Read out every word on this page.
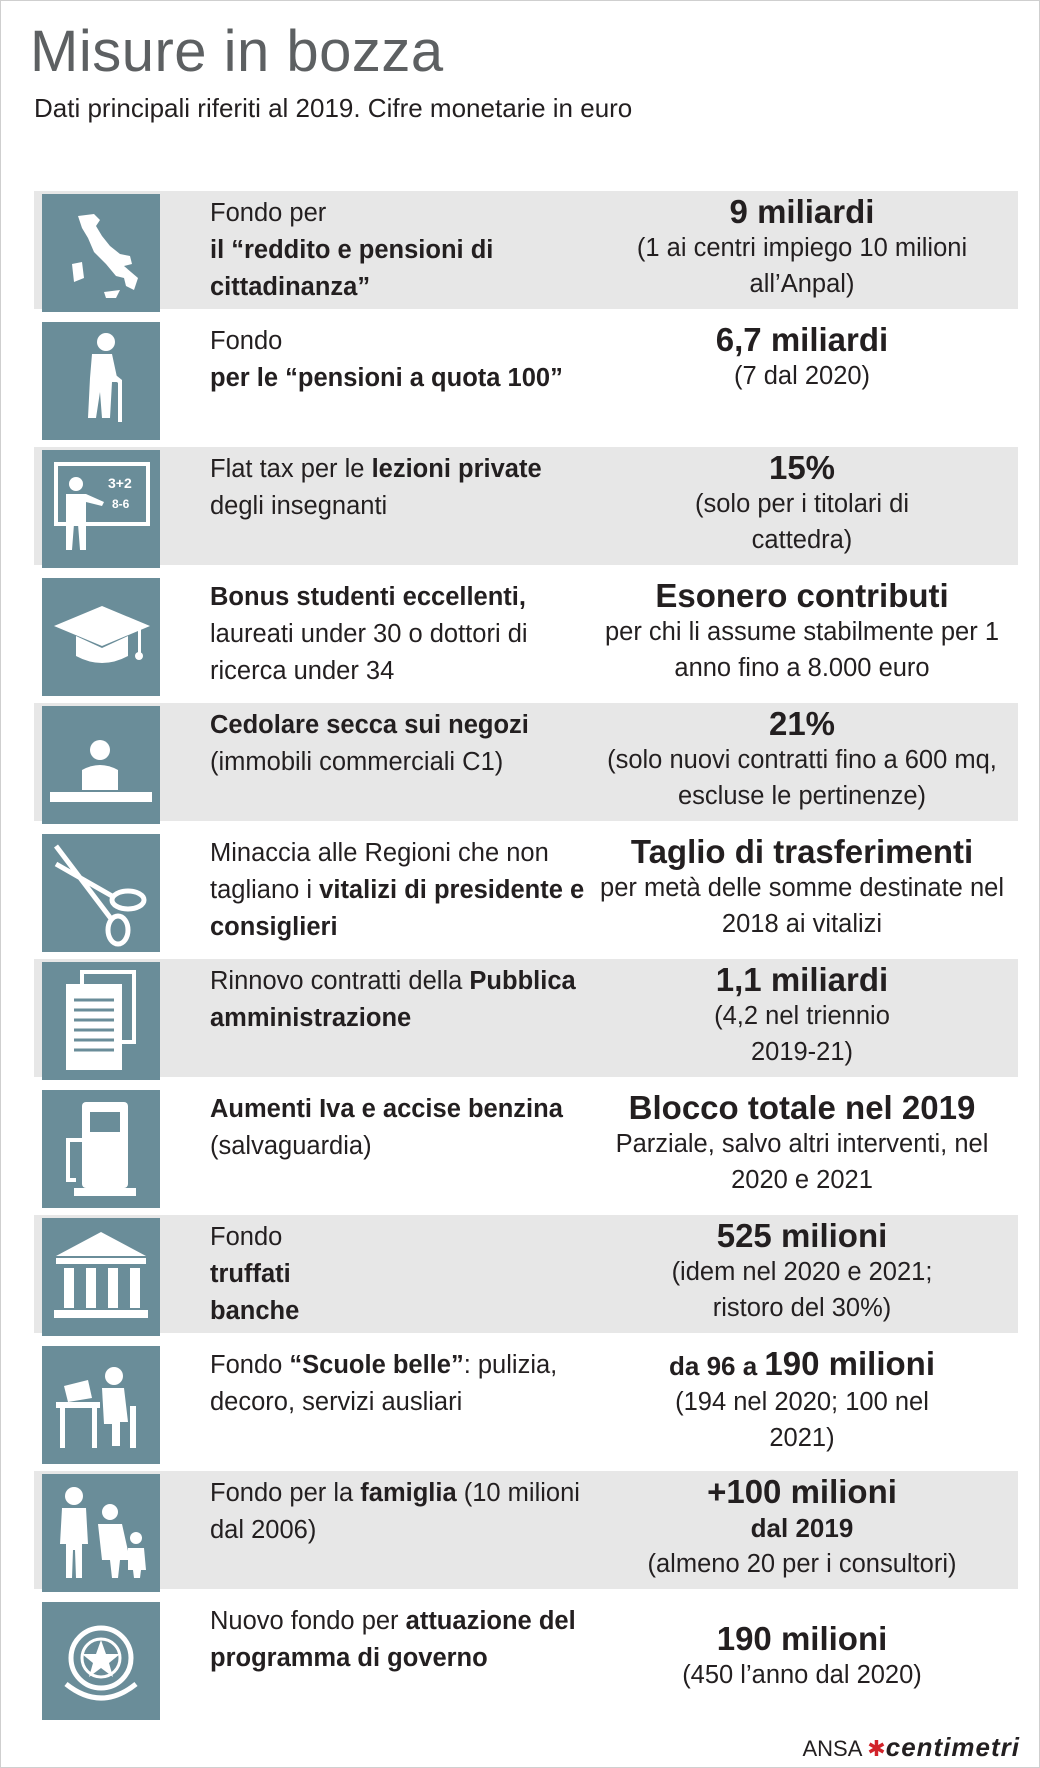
Misure in bozza
Dati principali riferiti al 2019. Cifre monetarie in euro
Fondo per
il “reddito e pensioni di cittadinanza”
9 miliardi
(1 ai centri impiego 10 milioni all’Anpal)
Fondo
per le “pensioni a quota 100”
6,7 miliardi
(7 dal 2020)
3+2
8-6
Flat tax per le lezioni private degli insegnanti
15%
(solo per i titolari di cattedra)
Bonus studenti eccellenti, laureati under 30 o dottori di ricerca under 34
Esonero contributi
per chi li assume stabilmente per 1 anno fino a 8.000 euro
Cedolare secca sui negozi (immobili commerciali C1)
21%
(solo nuovi contratti fino a 600 mq, escluse le pertinenze)
Minaccia alle Regioni che non tagliano i vitalizi di presidente e consiglieri
Taglio di trasferimenti
per metà delle somme destinate nel 2018 ai vitalizi
Rinnovo contratti della Pubblica amministrazione
1,1 miliardi
(4,2 nel triennio 2019-21)
Aumenti Iva e accise benzina (salvaguardia)
Blocco totale nel 2019
Parziale, salvo altri interventi, nel 2020 e 2021
Fondo
truffati banche
525 milioni
(idem nel 2020 e 2021; ristoro del 30%)
Fondo “Scuole belle”: pulizia, decoro, servizi ausliari
da 96 a 190 milioni
(194 nel 2020; 100 nel 2021)
Fondo per la famiglia (10 milioni dal 2006)
+100 milioni
dal 2019
(almeno 20 per i consultori)
Nuovo fondo per attuazione del programma di governo
190 milioni
(450 l’anno dal 2020)
ANSA ✱centimetri
